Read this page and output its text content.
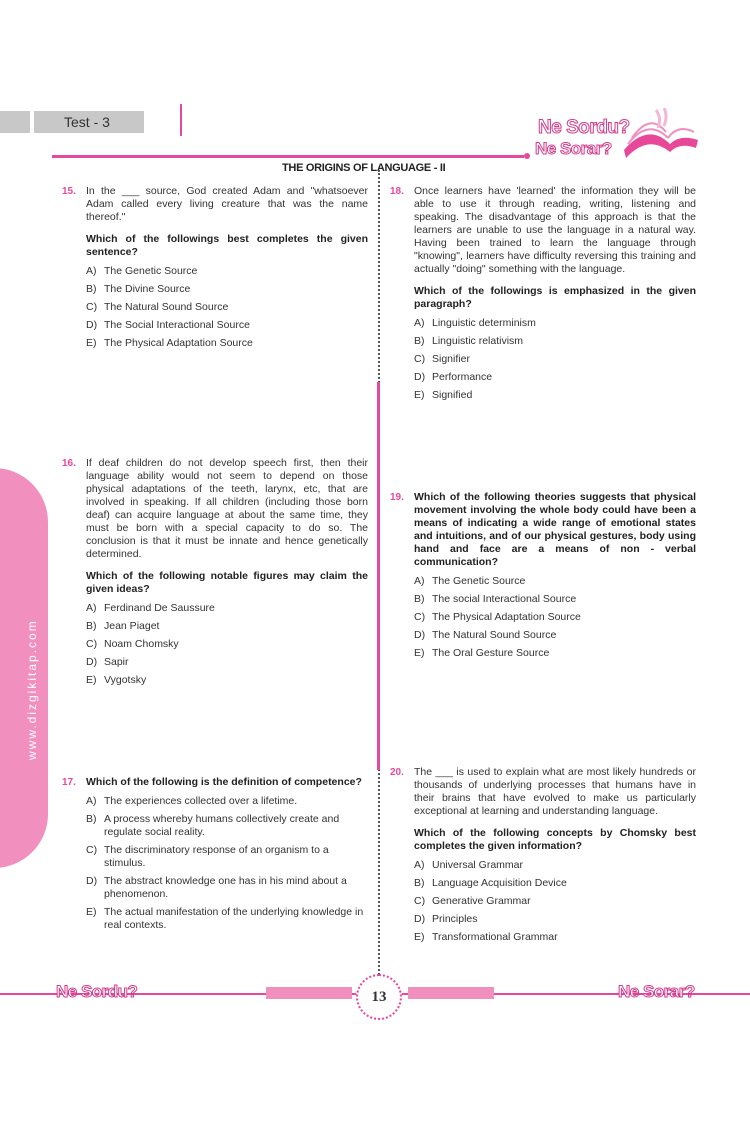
Test - 3	Ne Sordu?
Ne Sorar?
THE ORIGINS OF LANGUAGE - II
www.dizgikitap.com
15. In the ___ source, God created Adam and "whatsoever Adam called every living creature that was the name thereof."
Which of the followings best completes the given sentence?
A) The Genetic Source
B) The Divine Source
C) The Natural Sound Source
D) The Social Interactional Source
E) The Physical Adaptation Source
16. If deaf children do not develop speech first, then their language ability would not seem to depend on those physical adaptations of the teeth, larynx, etc, that are involved in speaking. If all children (including those born deaf) can acquire language at about the same time, they must be born with a special capacity to do so. The conclusion is that it must be innate and hence genetically determined.
Which of the following notable figures may claim the given ideas?
A) Ferdinand De Saussure
B) Jean Piaget
C) Noam Chomsky
D) Sapir
E) Vygotsky
17. Which of the following is the definition of competence?
A) The experiences collected over a lifetime.
B) A process whereby humans collectively create and regulate social reality.
C) The discriminatory response of an organism to a stimulus.
D) The abstract knowledge one has in his mind about a phenomenon.
E) The actual manifestation of the underlying knowledge in real contexts.
18. Once learners have 'learned' the information they will be able to use it through reading, writing, listening and speaking. The disadvantage of this approach is that the learners are unable to use the language in a natural way. Having been trained to learn the language through "knowing", learners have difficulty reversing this training and actually "doing" something with the language.
Which of the followings is emphasized in the given paragraph?
A) Linguistic determinism
B) Linguistic relativism
C) Signifier
D) Performance
E) Signified
19. Which of the following theories suggests that physical movement involving the whole body could have been a means of indicating a wide range of emotional states and intuitions, and of our physical gestures, body using hand and face are a means of non - verbal communication?
A) The Genetic Source
B) The social Interactional Source
C) The Physical Adaptation Source
D) The Natural Sound Source
E) The Oral Gesture Source
20. The ___ is used to explain what are most likely hundreds or thousands of underlying processes that humans have in their brains that have evolved to make us particularly exceptional at learning and understanding language.
Which of the following concepts by Chomsky best completes the given information?
A) Universal Grammar
B) Language Acquisition Device
C) Generative Grammar
D) Principles
E) Transformational Grammar
13
Ne Sordu?	Ne Sorar?
